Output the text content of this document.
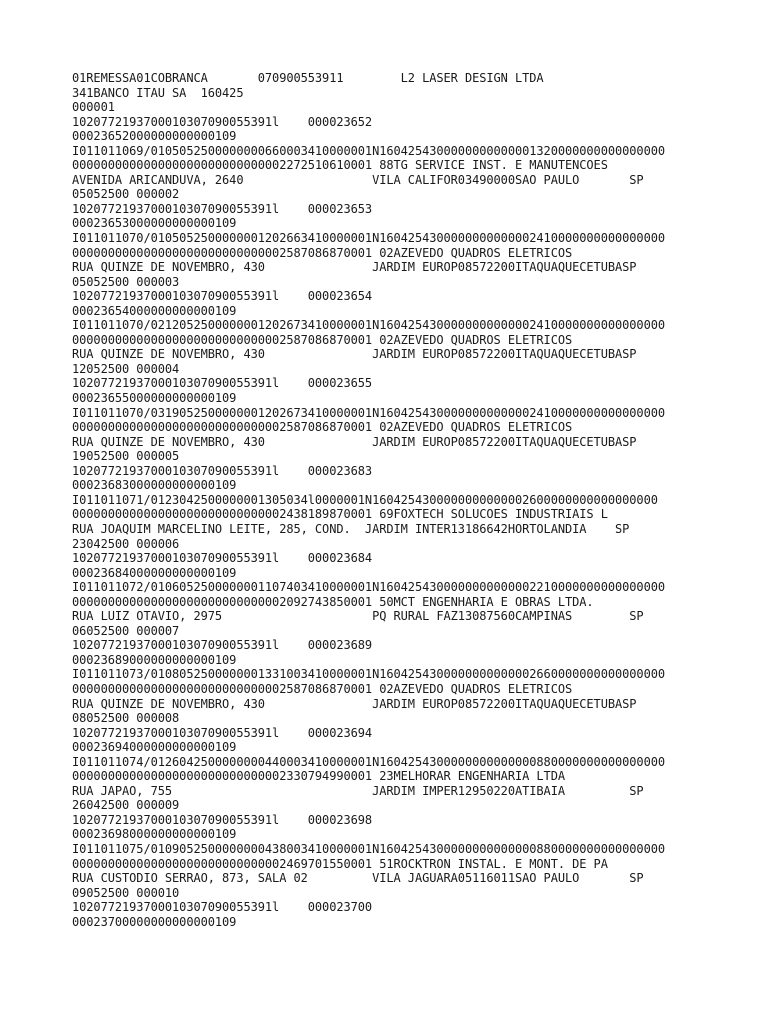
01REMESSA01COBRANCA       070900553911        L2 LASER DESIGN LTDA
341BANCO ITAU SA  160425
000001
1020772193700010307090055391l    000023652
00023652000000000000109
I011011069/0105052500000000660003410000001N1604254300000000000001320000000000000000
000000000000000000000000000002272510610001 88TG SERVICE INST. E MANUTENCOES
AVENIDA ARICANDUVA, 2640                  VILA CALIFOR03490000SAO PAULO       SP
05052500 000002
1020772193700010307090055391l    000023653
00023653000000000000109
I011011070/0105052500000001202663410000001N1604254300000000000002410000000000000000
000000000000000000000000000002587086870001 02AZEVEDO QUADROS ELETRICOS
RUA QUINZE DE NOVEMBRO, 430               JARDIM EUROP08572200ITAQUAQUECETUBASP
05052500 000003
1020772193700010307090055391l    000023654
00023654000000000000109
I011011070/0212052500000001202673410000001N1604254300000000000002410000000000000000
000000000000000000000000000002587086870001 02AZEVEDO QUADROS ELETRICOS
RUA QUINZE DE NOVEMBRO, 430               JARDIM EUROP08572200ITAQUAQUECETUBASP
12052500 000004
1020772193700010307090055391l    000023655
00023655000000000000109
I011011070/0319052500000001202673410000001N1604254300000000000002410000000000000000
000000000000000000000000000002587086870001 02AZEVEDO QUADROS ELETRICOS
RUA QUINZE DE NOVEMBRO, 430               JARDIM EUROP08572200ITAQUAQUECETUBASP
19052500 000005
1020772193700010307090055391l    000023683
00023683000000000000109
I011011071/0123042500000001305034l0000001N1604254300000000000002600000000000000000
000000000000000000000000000002438189870001 69FOXTECH SOLUCOES INDUSTRIAIS L
RUA JOAQUIM MARCELINO LEITE, 285, COND.  JARDIM INTER13186642HORTOLANDIA    SP
23042500 000006
1020772193700010307090055391l    000023684
00023684000000000000109
I011011072/0106052500000001107403410000001N1604254300000000000002210000000000000000
000000000000000000000000000002092743850001 50MCT ENGENHARIA E OBRAS LTDA.
RUA LUIZ OTAVIO, 2975                     PQ RURAL FAZ13087560CAMPINAS        SP
06052500 000007
1020772193700010307090055391l    000023689
00023689000000000000109
I011011073/0108052500000001331003410000001N1604254300000000000002660000000000000000
000000000000000000000000000002587086870001 02AZEVEDO QUADROS ELETRICOS
RUA QUINZE DE NOVEMBRO, 430               JARDIM EUROP08572200ITAQUAQUECETUBASP
08052500 000008
1020772193700010307090055391l    000023694
00023694000000000000109
I011011074/0126042500000000440003410000001N1604254300000000000000880000000000000000
000000000000000000000000000002330794990001 23MELHORAR ENGENHARIA LTDA
RUA JAPAO, 755                            JARDIM IMPER12950220ATIBAIA         SP
26042500 000009
1020772193700010307090055391l    000023698
00023698000000000000109
I011011075/0109052500000000438003410000001N1604254300000000000000880000000000000000
000000000000000000000000000002469701550001 51ROCKTRON INSTAL. E MONT. DE PA
RUA CUSTODIO SERRAO, 873, SALA 02         VILA JAGUARA05116011SAO PAULO       SP
09052500 000010
1020772193700010307090055391l    000023700
00023700000000000000109
